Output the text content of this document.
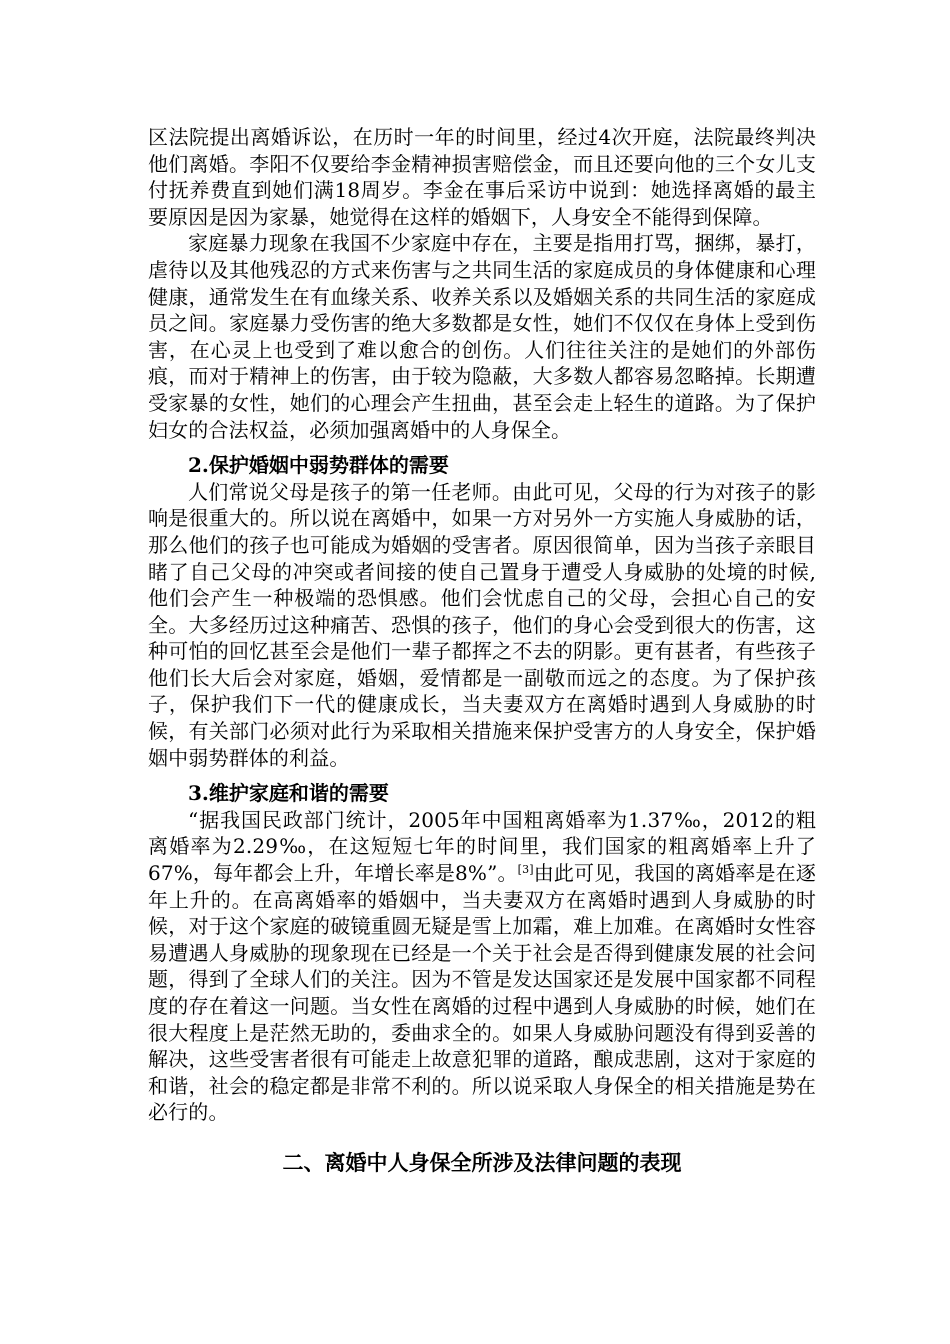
区法院提出离婚诉讼，在历时一年的时间里，经过4次开庭，法院最终判决他们离婚。李阳不仅要给李金精神损害赔偿金，而且还要向他的三个女儿支付抚养费直到她们满18周岁。李金在事后采访中说到：她选择离婚的最主要原因是因为家暴，她觉得在这样的婚姻下，人身安全不能得到保障。

家庭暴力现象在我国不少家庭中存在，主要是指用打骂，捆绑，暴打，虐待以及其他残忍的方式来伤害与之共同生活的家庭成员的身体健康和心理健康，通常发生在有血缘关系、收养关系以及婚姻关系的共同生活的家庭成员之间。家庭暴力受伤害的绝大多数都是女性，她们不仅仅在身体上受到伤害，在心灵上也受到了难以愈合的创伤。人们往往关注的是她们的外部伤痕，而对于精神上的伤害，由于较为隐蔽，大多数人都容易忽略掉。长期遭受家暴的女性，她们的心理会产生扭曲，甚至会走上轻生的道路。为了保护妇女的合法权益，必须加强离婚中的人身保全。

2.保护婚姻中弱势群体的需要

人们常说父母是孩子的第一任老师。由此可见，父母的行为对孩子的影响是很重大的。所以说在离婚中，如果一方对另外一方实施人身威胁的话，那么他们的孩子也可能成为婚姻的受害者。原因很简单，因为当孩子亲眼目睹了自己父母的冲突或者间接的使自己置身于遭受人身威胁的处境的时候,他们会产生一种极端的恐惧感。他们会忧虑自己的父母，会担心自己的安全。大多经历过这种痛苦、恐惧的孩子，他们的身心会受到很大的伤害，这种可怕的回忆甚至会是他们一辈子都挥之不去的阴影。更有甚者，有些孩子他们长大后会对家庭，婚姻，爱情都是一副敬而远之的态度。为了保护孩子，保护我们下一代的健康成长，当夫妻双方在离婚时遇到人身威胁的时候，有关部门必须对此行为采取相关措施来保护受害方的人身安全，保护婚姻中弱势群体的利益。

3.维护家庭和谐的需要

“据我国民政部门统计，2005年中国粗离婚率为1.37‰，2012的粗离婚率为2.29‰，在这短短七年的时间里，我们国家的粗离婚率上升了67%，每年都会上升，年增长率是8%”。[3]由此可见，我国的离婚率是在逐年上升的。在高离婚率的婚姻中，当夫妻双方在离婚时遇到人身威胁的时候，对于这个家庭的破镜重圆无疑是雪上加霜，难上加难。在离婚时女性容易遭遇人身威胁的现象现在已经是一个关于社会是否得到健康发展的社会问题，得到了全球人们的关注。因为不管是发达国家还是发展中国家都不同程度的存在着这一问题。当女性在离婚的过程中遇到人身威胁的时候，她们在很大程度上是茫然无助的，委曲求全的。如果人身威胁问题没有得到妥善的解决，这些受害者很有可能走上故意犯罪的道路，酿成悲剧，这对于家庭的和谐，社会的稳定都是非常不利的。所以说采取人身保全的相关措施是势在必行的。

二、离婚中人身保全所涉及法律问题的表现
